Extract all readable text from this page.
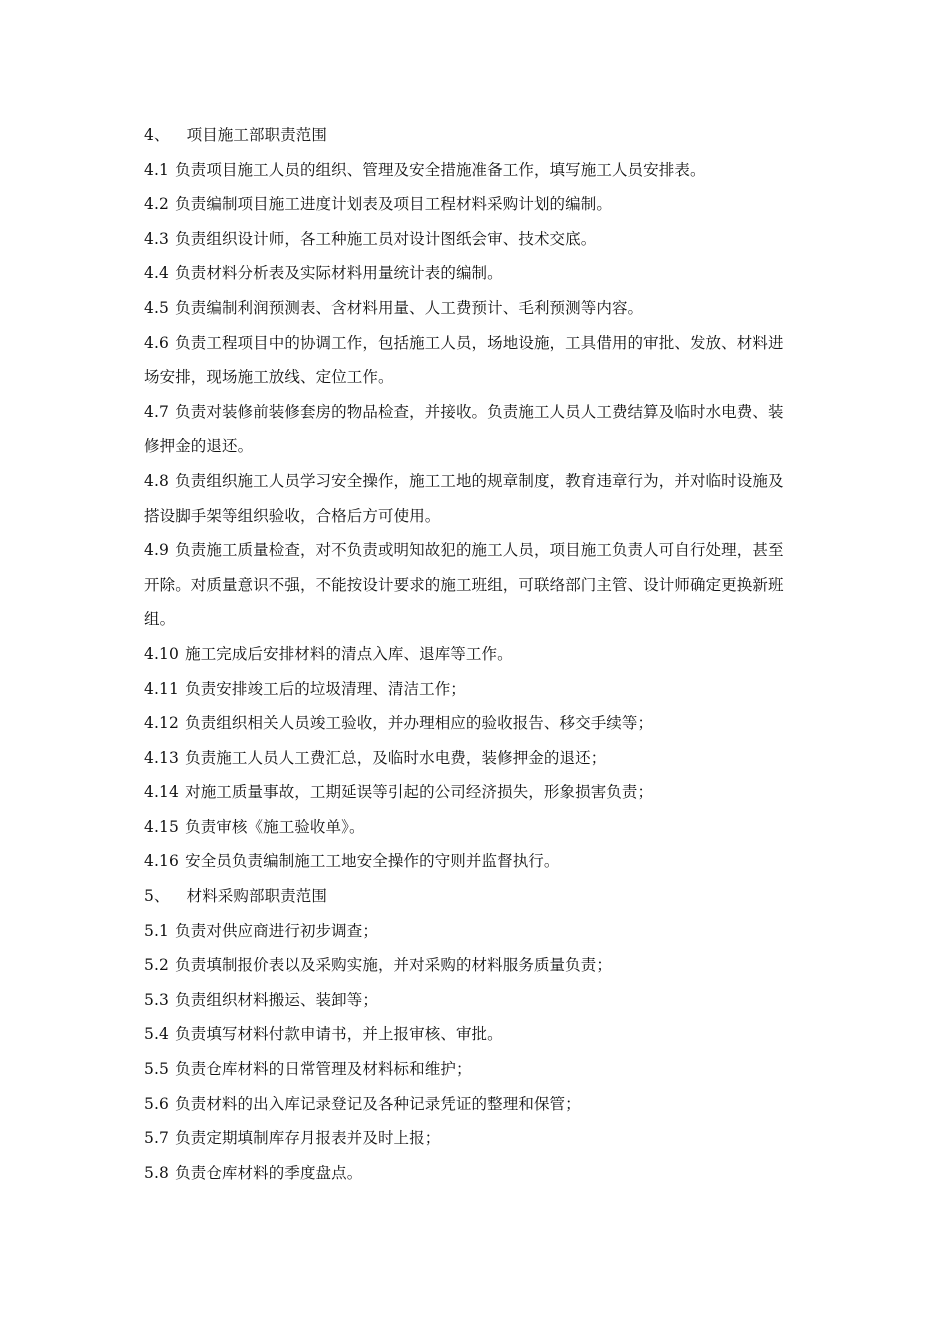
4、 项目施工部职责范围
4.1 负责项目施工人员的组织、管理及安全措施准备工作，填写施工人员安排表。
4.2 负责编制项目施工进度计划表及项目工程材料采购计划的编制。
4.3 负责组织设计师，各工种施工员对设计图纸会审、技术交底。
4.4 负责材料分析表及实际材料用量统计表的编制。
4.5 负责编制利润预测表、含材料用量、人工费预计、毛利预测等内容。
4.6 负责工程项目中的协调工作，包括施工人员，场地设施，工具借用的审批、发放、材料进
场安排，现场施工放线、定位工作。
4.7 负责对装修前装修套房的物品检查，并接收。负责施工人员人工费结算及临时水电费、装
修押金的退还。
4.8 负责组织施工人员学习安全操作，施工工地的规章制度，教育违章行为，并对临时设施及
搭设脚手架等组织验收，合格后方可使用。
4.9 负责施工质量检查，对不负责或明知故犯的施工人员，项目施工负责人可自行处理，甚至
开除。对质量意识不强，不能按设计要求的施工班组，可联络部门主管、设计师确定更换新班
组。
4.10 施工完成后安排材料的清点入库、退库等工作。
4.11 负责安排竣工后的垃圾清理、清洁工作；
4.12 负责组织相关人员竣工验收，并办理相应的验收报告、移交手续等；
4.13 负责施工人员人工费汇总，及临时水电费，装修押金的退还；
4.14 对施工质量事故，工期延误等引起的公司经济损失，形象损害负责；
4.15 负责审核《施工验收单》。
4.16 安全员负责编制施工工地安全操作的守则并监督执行。
5、 材料采购部职责范围
5.1 负责对供应商进行初步调查；
5.2 负责填制报价表以及采购实施，并对采购的材料服务质量负责；
5.3 负责组织材料搬运、装卸等；
5.4 负责填写材料付款申请书，并上报审核、审批。
5.5 负责仓库材料的日常管理及材料标和维护；
5.6 负责材料的出入库记录登记及各种记录凭证的整理和保管；
5.7 负责定期填制库存月报表并及时上报；
5.8 负责仓库材料的季度盘点。
